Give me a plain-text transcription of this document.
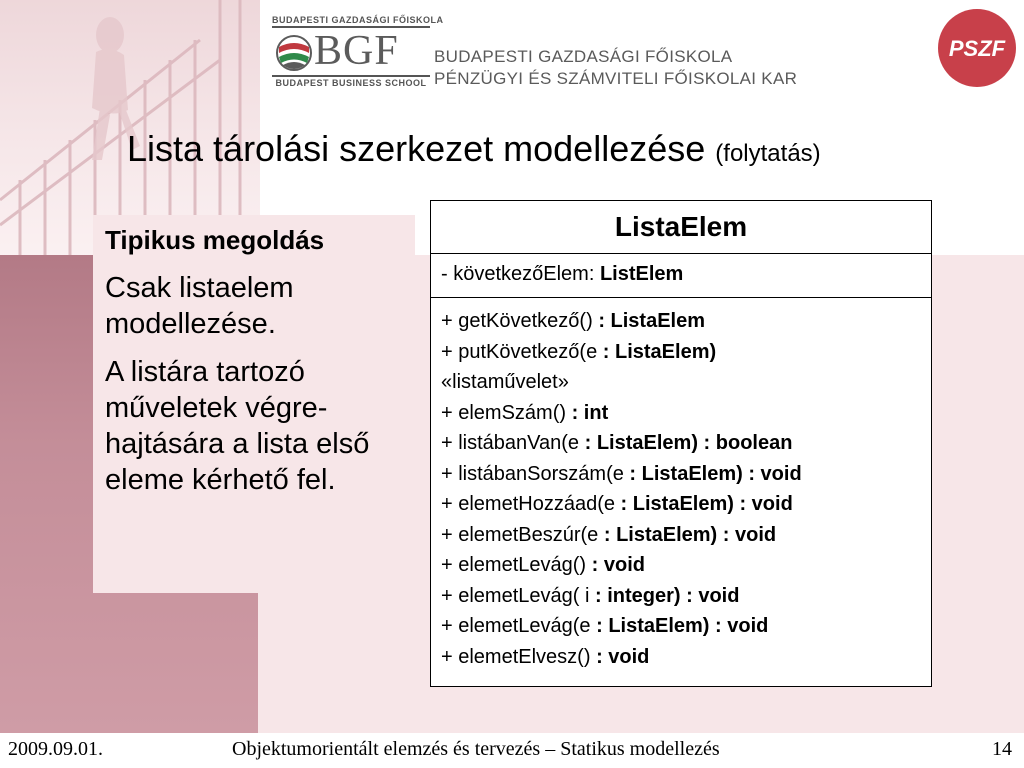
BUDAPESTI GAZDASÁGI FŐISKOLA
BGF
BUDAPEST BUSINESS SCHOOL
BUDAPESTI GAZDASÁGI FŐISKOLA
PÉNZÜGYI ÉS SZÁMVITELI FŐISKOLAI KAR
PSZF
Lista tárolási szerkezet modellezése (folytatás)
Tipikus megoldás

Csak listaelem modellezése.

A listára tartozó műveletek végre-hajtására a lista első eleme kérhető fel.

ListaElem
- következőElem: ListElem
+ getKövetkező() : ListaElem
+ putKövetkező(e : ListaElem)
«listaművelet»
+ elemSzám() : int
+ listábanVan(e : ListaElem) : boolean
+ listábanSorszám(e : ListaElem) : void
+ elemetHozzáad(e : ListaElem) : void
+ elemetBeszúr(e : ListaElem) : void
+ elemetLevág() : void
+ elemetLevág( i : integer) : void
+ elemetLevág(e : ListaElem) : void
+ elemetElvesz() : void
2009.09.01.	Objektumorientált elemzés és tervezés – Statikus modellezés	14
